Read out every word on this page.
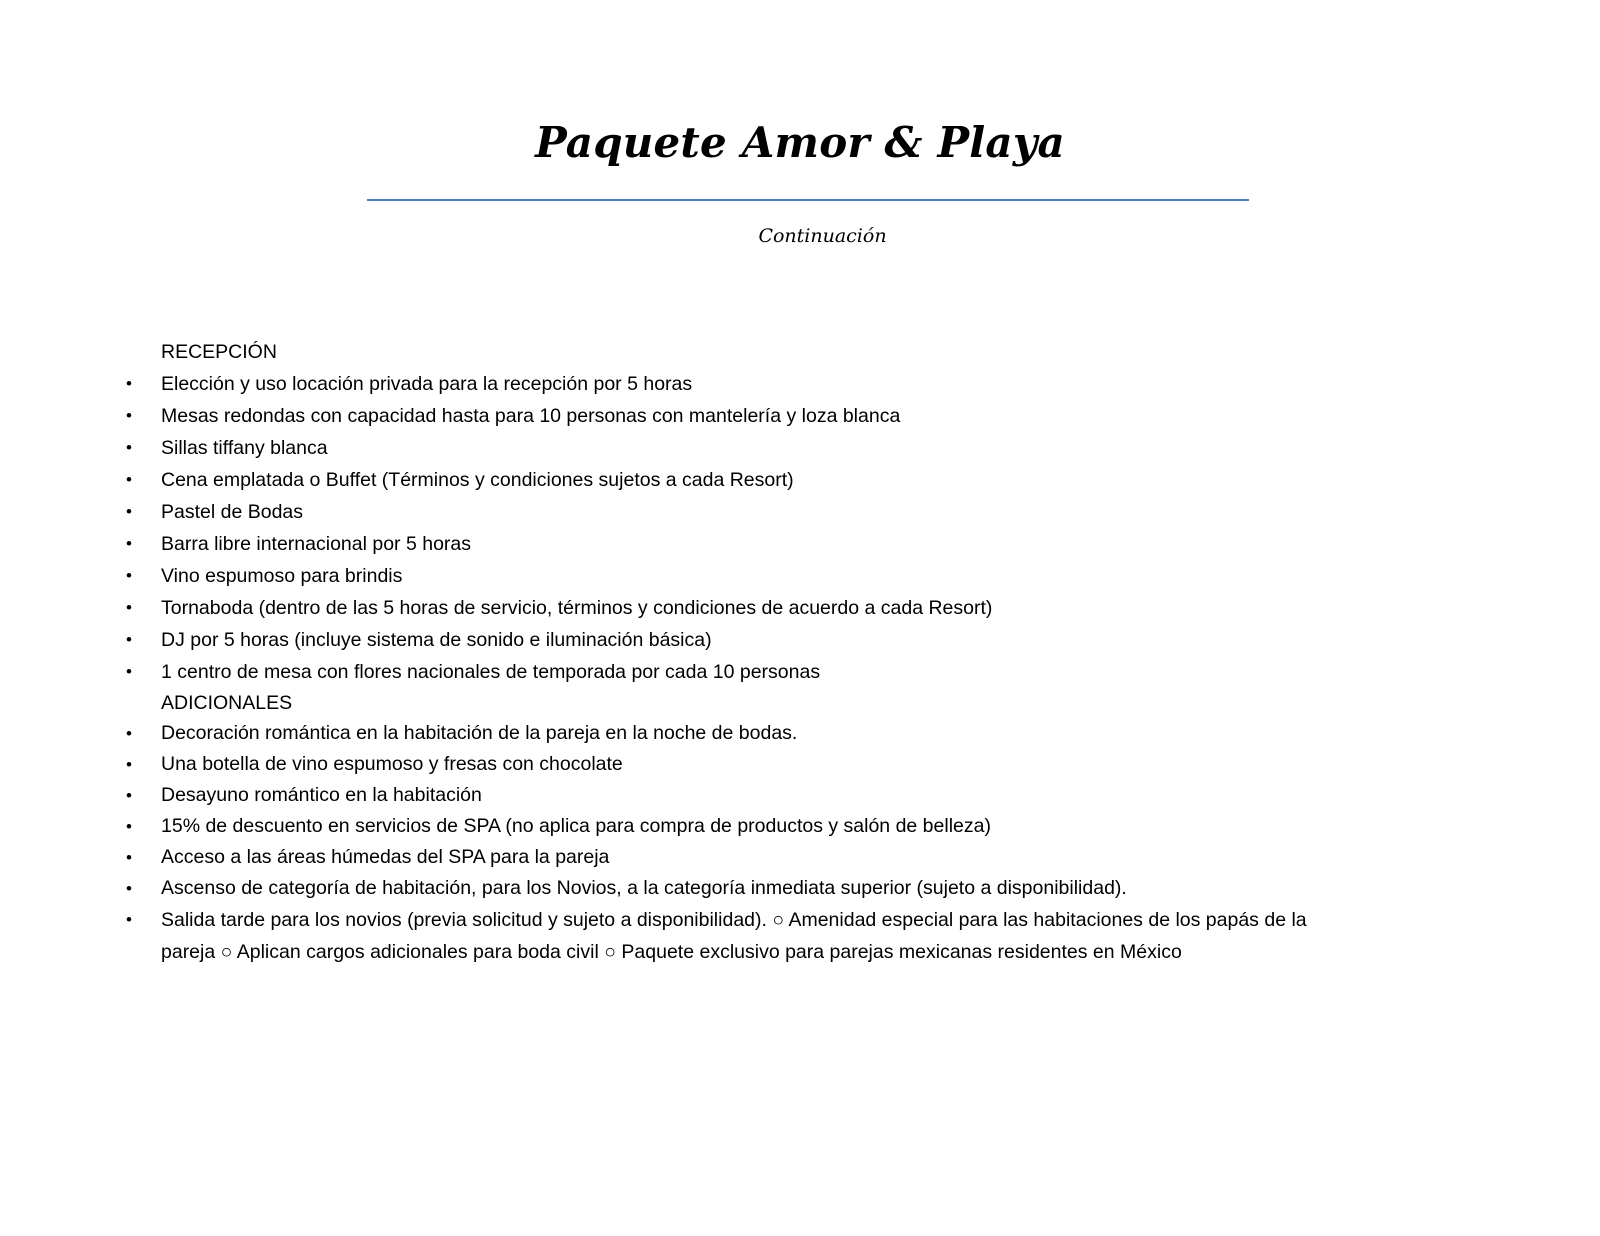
Paquete Amor & Playa
Continuación
RECEPCIÓN
• Elección y uso locación privada para la recepción por 5 horas
• Mesas redondas con capacidad hasta para 10 personas con mantelería y loza blanca
• Sillas tiffany blanca
• Cena emplatada o Buffet (Términos y condiciones sujetos a cada Resort)
• Pastel de Bodas
• Barra libre internacional por 5 horas
• Vino espumoso para brindis
• Tornaboda (dentro de las 5 horas de servicio, términos y condiciones de acuerdo a cada Resort)
• DJ por 5 horas (incluye sistema de sonido e iluminación básica)
• 1 centro de mesa con flores nacionales de temporada por cada 10 personas
ADICIONALES
• Decoración romántica en la habitación de la pareja en la noche de bodas.
• Una botella de vino espumoso y fresas con chocolate
• Desayuno romántico en la habitación
• 15% de descuento en servicios de SPA (no aplica para compra de productos y salón de belleza)
• Acceso a las áreas húmedas del SPA para la pareja
• Ascenso de categoría de habitación, para los Novios, a la categoría inmediata superior (sujeto a disponibilidad).
• Salida tarde para los novios (previa solicitud y sujeto a disponibilidad). ○ Amenidad especial para las habitaciones de los papás de la pareja ○ Aplican cargos adicionales para boda civil ○ Paquete exclusivo para parejas mexicanas residentes en México
